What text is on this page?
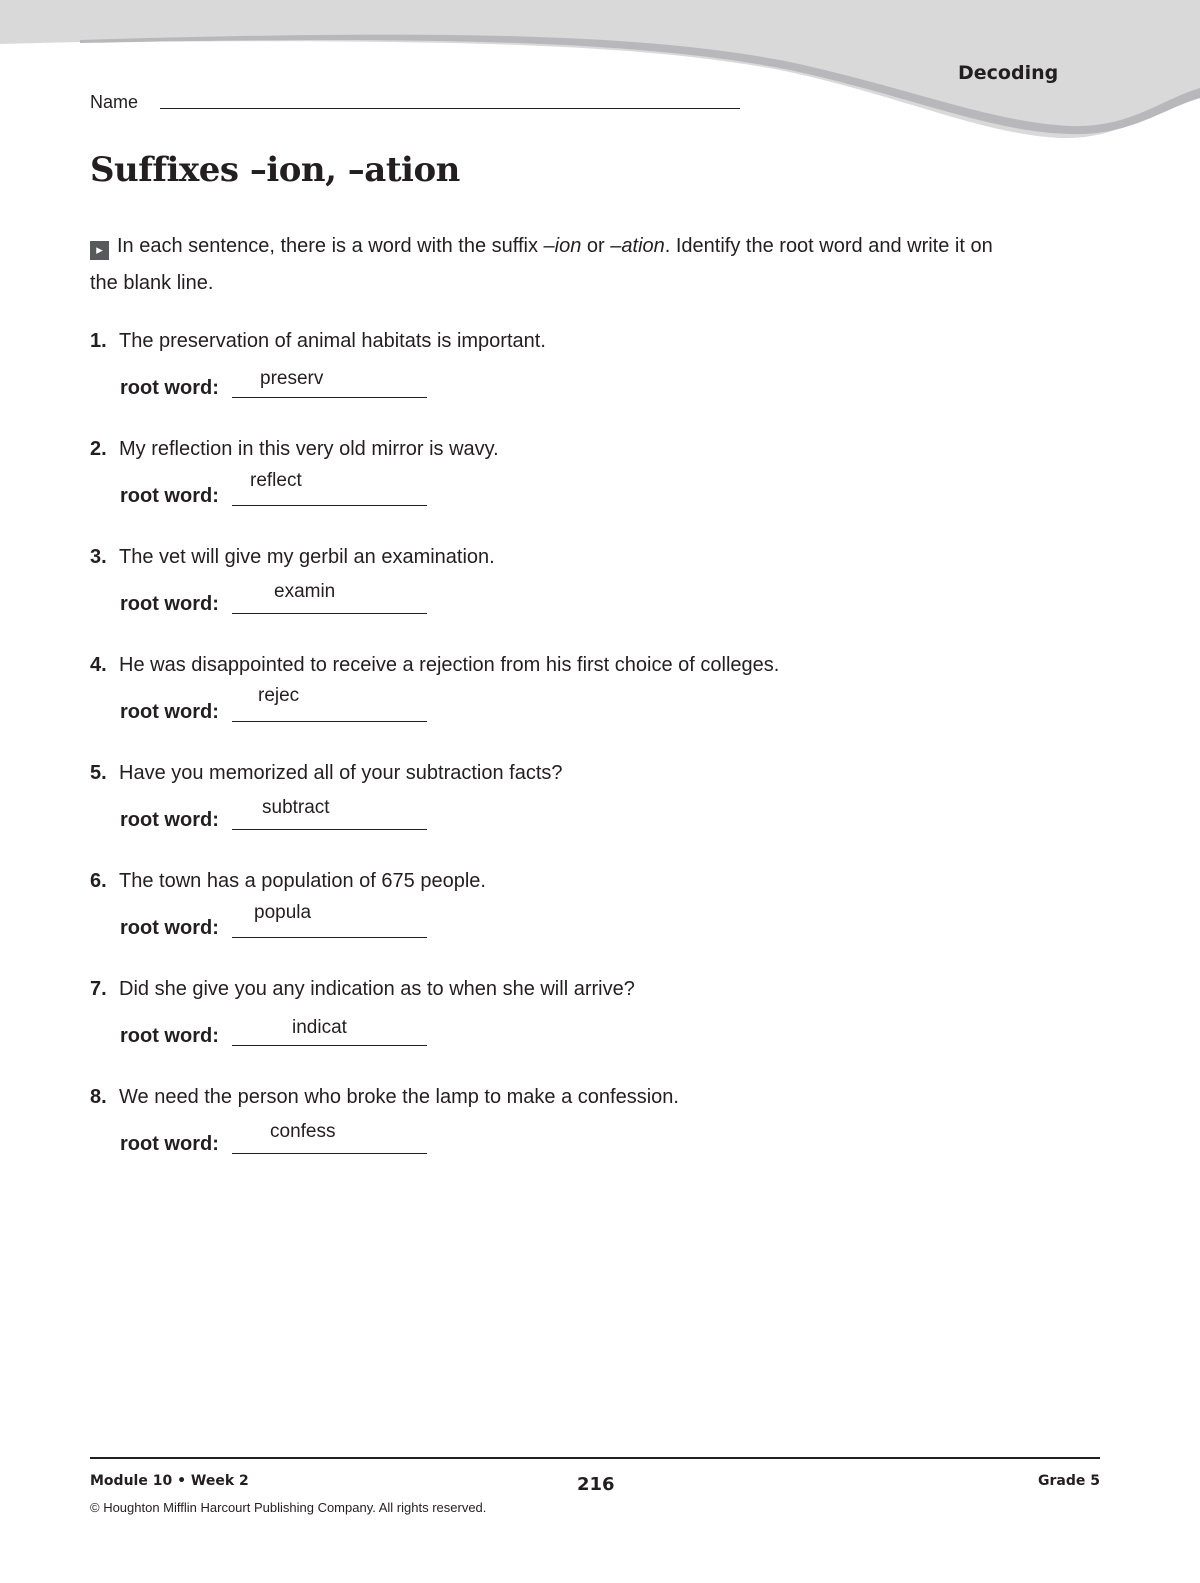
Decoding
Name
Suffixes –ion, –ation
▸In each sentence, there is a word with the suffix –ion or –ation. Identify the root word and write it on the blank line.
1. The preservation of animal habitats is important.
root word: preserv
2. My reflection in this very old mirror is wavy.
root word:
reflect
3. The vet will give my gerbil an examination.
root word:
examin
4. He was disappointed to receive a rejection from his first choice of colleges.
root word:
rejec
5. Have you memorized all of your subtraction facts?
root word:
subtract
6. The town has a population of 675 people.
root word:
popula
7. Did she give you any indication as to when she will arrive?
root word:	indicat
8. We need the person who broke the lamp to make a confession.
root word:
confess
Module 10 • Week 2	216	Grade 5
© Houghton Mifflin Harcourt Publishing Company. All rights reserved.
